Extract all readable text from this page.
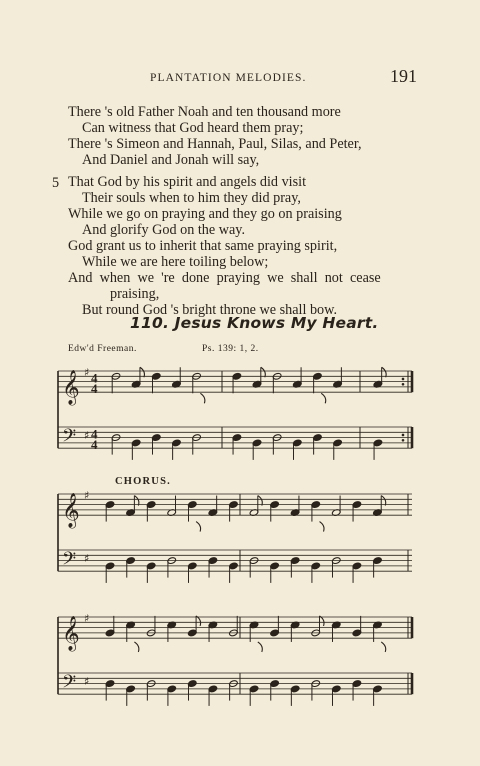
PLANTATION MELODIES.	191
There 's old Father Noah and ten thousand more
Can witness that God heard them pray;
There 's Simeon and Hannah, Paul, Silas, and Peter,
And Daniel and Jonah will say,
5 That God by his spirit and angels did visit
Their souls when to him they did pray,
While we go on praying and they go on praising
And glorify God on the way.
God grant us to inherit that same praying spirit,
While we are here toiling below;
And when we 're done praying we shall not cease
praising,
But round God 's bright throne we shall bow.
110. Jesus Knows My Heart.
Edw'd Freeman.	Ps. 139: 1, 2.
CHORUS.
𝄞 ♯ 4
4
𝄢 ♯ 4
4
𝄞 ♯
𝄢 ♯
𝄞 ♯
𝄢 ♯
